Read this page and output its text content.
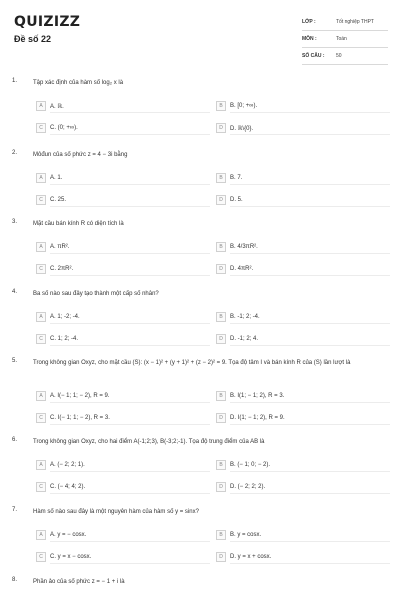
QUIZIZZ
Đề số 22
LỚP :	Tốt nghiệp THPT
MÔN :	Toán
SỐ CÂU :	50
1.	Tập xác định của hàm số log₂ x là
A	A. ℝ.	B	B. [0; +∞).
C	C. (0; +∞).	D	D. ℝ\{0}.
2.	Môđun của số phức z = 4 − 3i bằng
A	A. 1.	B	B. 7.
C	C. 25.	D	D. 5.
3.	Mặt cầu bán kính R có diện tích là
A	A. πR².	B	B. 4/3πR².
C	C. 2πR².	D	D. 4πR².
4.	Ba số nào sau đây tạo thành một cấp số nhân?
A	A. 1; -2; -4.	B	B. -1; 2; -4.
C	C. 1; 2; -4.	D	D. -1; 2; 4.
5.	Trong không gian Oxyz, cho mặt cầu (S): (x − 1)² + (y + 1)² + (z − 2)² = 9. Tọa độ tâm I và bán kính R của (S) lần lượt là
A	A. I(− 1; 1; − 2), R = 9.	B	B. I(1; − 1; 2), R = 3.
C	C. I(− 1; 1; − 2), R = 3.	D	D. I(1; − 1; 2), R = 9.
6.	Trong không gian Oxyz, cho hai điểm A(-1;2;3), B(-3;2;-1). Tọa độ trung điểm của AB là
A	A. (− 2; 2; 1).	B	B. (− 1; 0; − 2).
C	C. (− 4; 4; 2).	D	D. (− 2; 2; 2).
7.	Hàm số nào sau đây là một nguyên hàm của hàm số y = sinx?
A	A. y = − cosx.	B	B. y = cosx.
C	C. y = x − cosx.	D	D. y = x + cosx.
8.	Phần ảo của số phức z = − 1 + i là
